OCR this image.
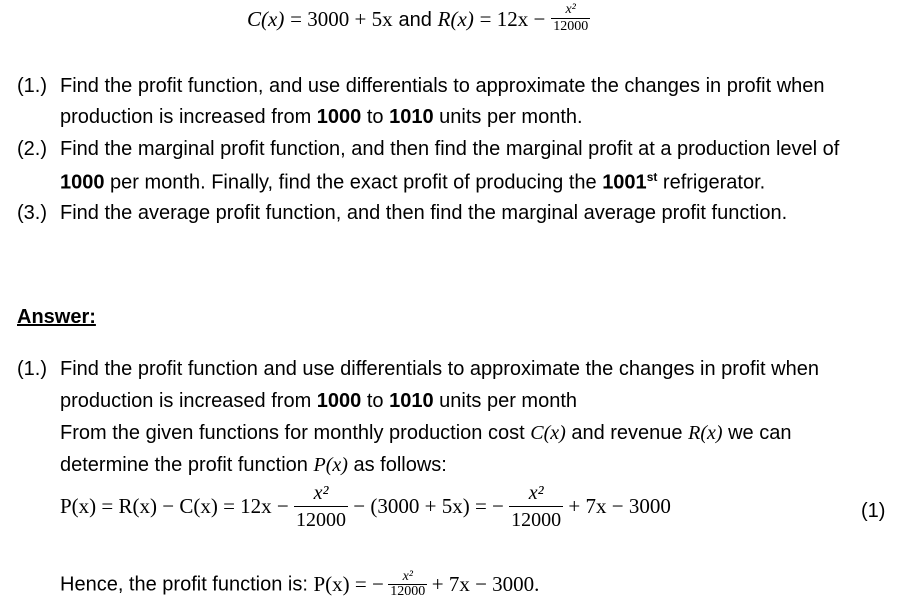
C(x) = 3000 + 5x and $R(x) = 12x - \frac{\text{x²}}{12000}$
(1.) Find the profit function, and use differentials to approximate the changes in profit when
production is increased from 1000 to 1010 units per month.
(2.) Find the marginal profit function, and then find the marginal profit at a production level of
1000 per month. Finally, find the exact profit of producing the 1001st refrigerator.
(3.) Find the average profit function, and then find the marginal average profit function.
Answer:
(1.) Find the profit function and use differentials to approximate the changes in profit when
production is increased from 1000 to 1010 units per month
From the given functions for monthly production cost C(x) and revenue R(x) we can
determine the profit function P(x) as follows:
$P(x) = R(x) - C(x) = 12x - \frac{\text{x²}}{12000} - (3000 + 5x)$ = − $\frac{\text{x²}}{12000} + 7x - 3000$	(1)
Hence, the profit function is: P(x) = − $\frac{\text{x²}}{12000} + 7x - 3000$.
